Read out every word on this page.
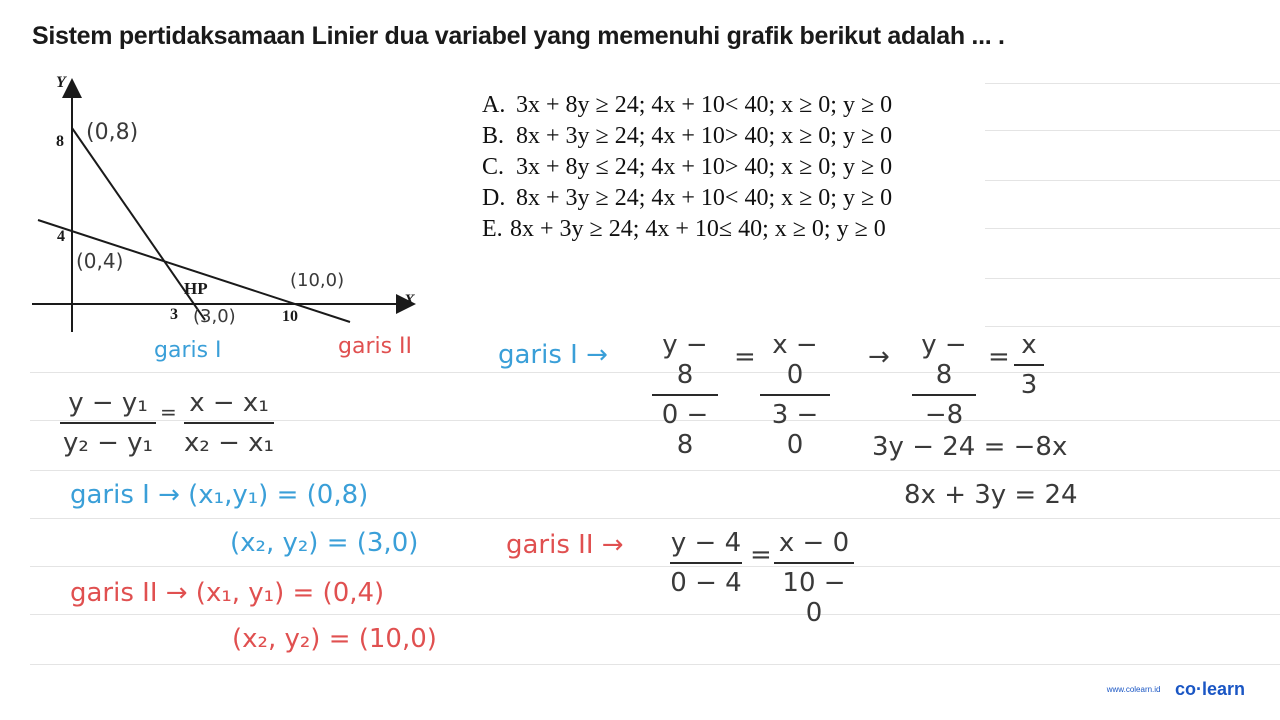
Sistem pertidaksamaan Linier dua variabel yang memenuhi grafik berikut adalah ... .
Y
X
8
4
3	10
HP
(0,8)
(0,4)
(3,0)
(10,0)
garis I	garis II
A. 3x + 8y ≥ 24; 4x + 10< 40; x ≥ 0; y ≥ 0
B. 8x + 3y ≥ 24; 4x + 10> 40; x ≥ 0; y ≥ 0
C. 3x + 8y ≤ 24; 4x + 10> 40; x ≥ 0; y ≥ 0
D. 8x + 3y ≥ 24; 4x + 10< 40; x ≥ 0; y ≥ 0
E. 8x + 3y ≥ 24; 4x + 10≤ 40; x ≥ 0; y ≥ 0
y − y₁
y₂ − y₁
= x − x₁
x₂ − x₁
garis I → (x₁,y₁) = (0,8)
(x₂, y₂) = (3,0)
garis II → (x₁, y₁) = (0,4)
(x₂, y₂) = (10,0)
garis I →	y − 8
0 − 8
= x − 0
3 − 0
→	y − 8
−8
= x
3
3y − 24 = −8x
8x + 3y = 24
garis II → y − 4
0 − 4
= x − 0
10 − 0
www.colearn.id co·learn
